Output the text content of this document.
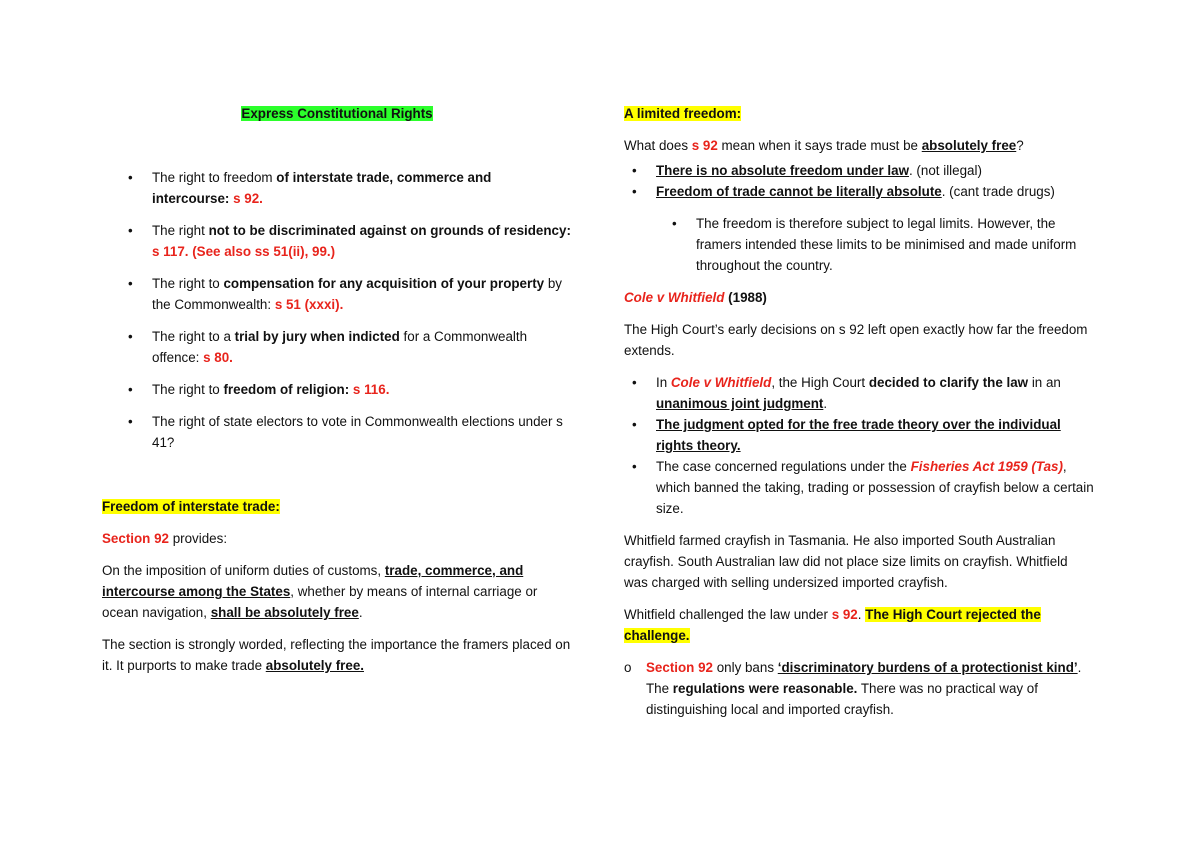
Express Constitutional Rights

•	The right to freedom of interstate trade, commerce and intercourse: s 92.
•	The right not to be discriminated against on grounds of residency: s 117. (See also ss 51(ii), 99.)
•	The right to compensation for any acquisition of your property by the Commonwealth: s 51 (xxxi).
•	The right to a trial by jury when indicted for a Commonwealth offence: s 80.
•	The right to freedom of religion: s 116.
•	The right of state electors to vote in Commonwealth elections under s 41?

Freedom of interstate trade:

Section 92 provides:

On the imposition of uniform duties of customs, trade, commerce, and intercourse among the States, whether by means of internal carriage or ocean navigation, shall be absolutely free.

The section is strongly worded, reflecting the importance the framers placed on it. It purports to make trade absolutely free.

A limited freedom:

What does s 92 mean when it says trade must be absolutely free?

•	There is no absolute freedom under law. (not illegal)
•	Freedom of trade cannot be literally absolute. (cant trade drugs)
•	The freedom is therefore subject to legal limits. However, the framers intended these limits to be minimised and made uniform throughout the country.

Cole v Whitfield (1988)

The High Court’s early decisions on s 92 left open exactly how far the freedom extends.

•	In Cole v Whitfield, the High Court decided to clarify the law in an unanimous joint judgment.
•	The judgment opted for the free trade theory over the individual rights theory.
•	The case concerned regulations under the Fisheries Act 1959 (Tas), which banned the taking, trading or possession of crayfish below a certain size.

Whitfield farmed crayfish in Tasmania. He also imported South Australian crayfish. South Australian law did not place size limits on crayfish. Whitfield was charged with selling undersized imported crayfish.

Whitfield challenged the law under s 92. The High Court rejected the challenge.

o Section 92 only bans ‘discriminatory burdens of a protectionist kind’.
The regulations were reasonable. There was no practical way of distinguishing local and imported crayfish.
